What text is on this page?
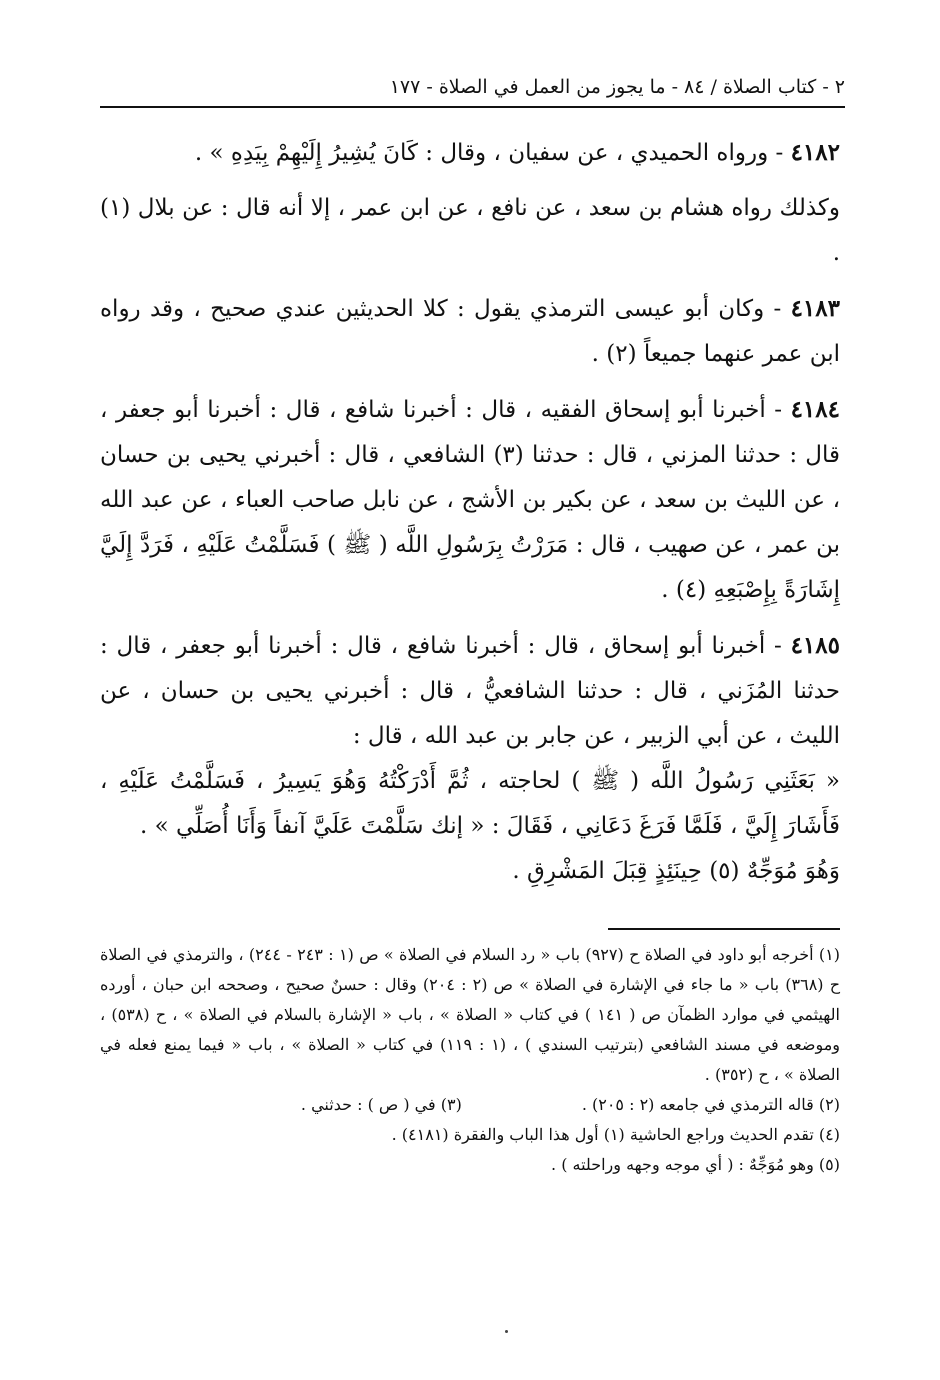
٢ - كتاب الصلاة / ٨٤ - ما يجوز من العمل في الصلاة - ١٧٧

٤١٨٢ - ورواه الحميدي ، عن سفيان ، وقال : كَانَ يُشِيرُ إِلَيْهِمْ بِيَدِهِ » .

وكذلك رواه هشام بن سعد ، عن نافع ، عن ابن عمر ، إلا أنه قال : عن بلال (١) .

٤١٨٣ - وكان أبو عيسى الترمذي يقول : كلا الحديثين عندي صحيح ، وقد رواه ابن عمر عنهما جميعاً (٢) .

٤١٨٤ - أخبرنا أبو إسحاق الفقيه ، قال : أخبرنا شافع ، قال : أخبرنا أبو جعفر ، قال : حدثنا المزني ، قال : حدثنا (٣) الشافعي ، قال : أخبرني يحيى بن حسان ، عن الليث بن سعد ، عن بكير بن الأشج ، عن نابل صاحب العباء ، عن عبد الله بن عمر ، عن صهيب ، قال : مَرَرْتُ بِرَسُولِ اللَّه ( ﷺ ) فَسَلَّمْتُ عَلَيْهِ ، فَرَدَّ إِلَيَّ إِشَارَةً بِإِصْبَعِهِ (٤) .

٤١٨٥ - أخبرنا أبو إسحاق ، قال : أخبرنا شافع ، قال : أخبرنا أبو جعفر ، قال : حدثنا المُزَني ، قال : حدثنا الشافعيُّ ، قال : أخبرني يحيى بن حسان ، عن الليث ، عن أبي الزبير ، عن جابر بن عبد الله ، قال :

« بَعَثَنِي رَسُولُ اللَّه ( ﷺ ) لحاجته ، ثُمَّ أَدْرَكْتُهُ وَهُوَ يَسِيرُ ، فَسَلَّمْتُ عَلَيْهِ ، فَأَشَارَ إِلَيَّ ، فَلَمَّا فَرَغَ دَعَانِي ، فَقَالَ : « إنك سَلَّمْتَ عَلَيَّ آنفاً وَأَنَا أُصَلِّي » .

وَهُوَ مُوَجِّهٌ (٥) حِينَئِذٍ قِبَلَ المَشْرِقِ .

(١) أخرجه أبو داود في الصلاة ح (٩٢٧) باب « رد السلام في الصلاة » ص (١ : ٢٤٣ - ٢٤٤) ، والترمذي في الصلاة ح (٣٦٨) باب « ما جاء في الإشارة في الصلاة » ص (٢ : ٢٠٤) وقال : حسنٌ صحيح ، وصححه ابن حبان ، أورده الهيثمي في موارد الظمآن ص ( ١٤١ ) في كتاب « الصلاة » ، باب « الإشارة بالسلام في الصلاة » ، ح (٥٣٨) ، وموضعه في مسند الشافعي (بترتيب السندي ) ، (١ : ١١٩) في كتاب « الصلاة » ، باب « فيما يمنع فعله في الصلاة » ، ح (٣٥٢) .

(٢) قاله الترمذي في جامعه (٢ : ٢٠٥) .
(٣) في ( ص ) : حدثني .

(٤) تقدم الحديث وراجع الحاشية (١) أول هذا الباب والفقرة (٤١٨١) .

(٥) وهو مُوَجِّهٌ : ( أي موجه وجهه وراحلته ) .
